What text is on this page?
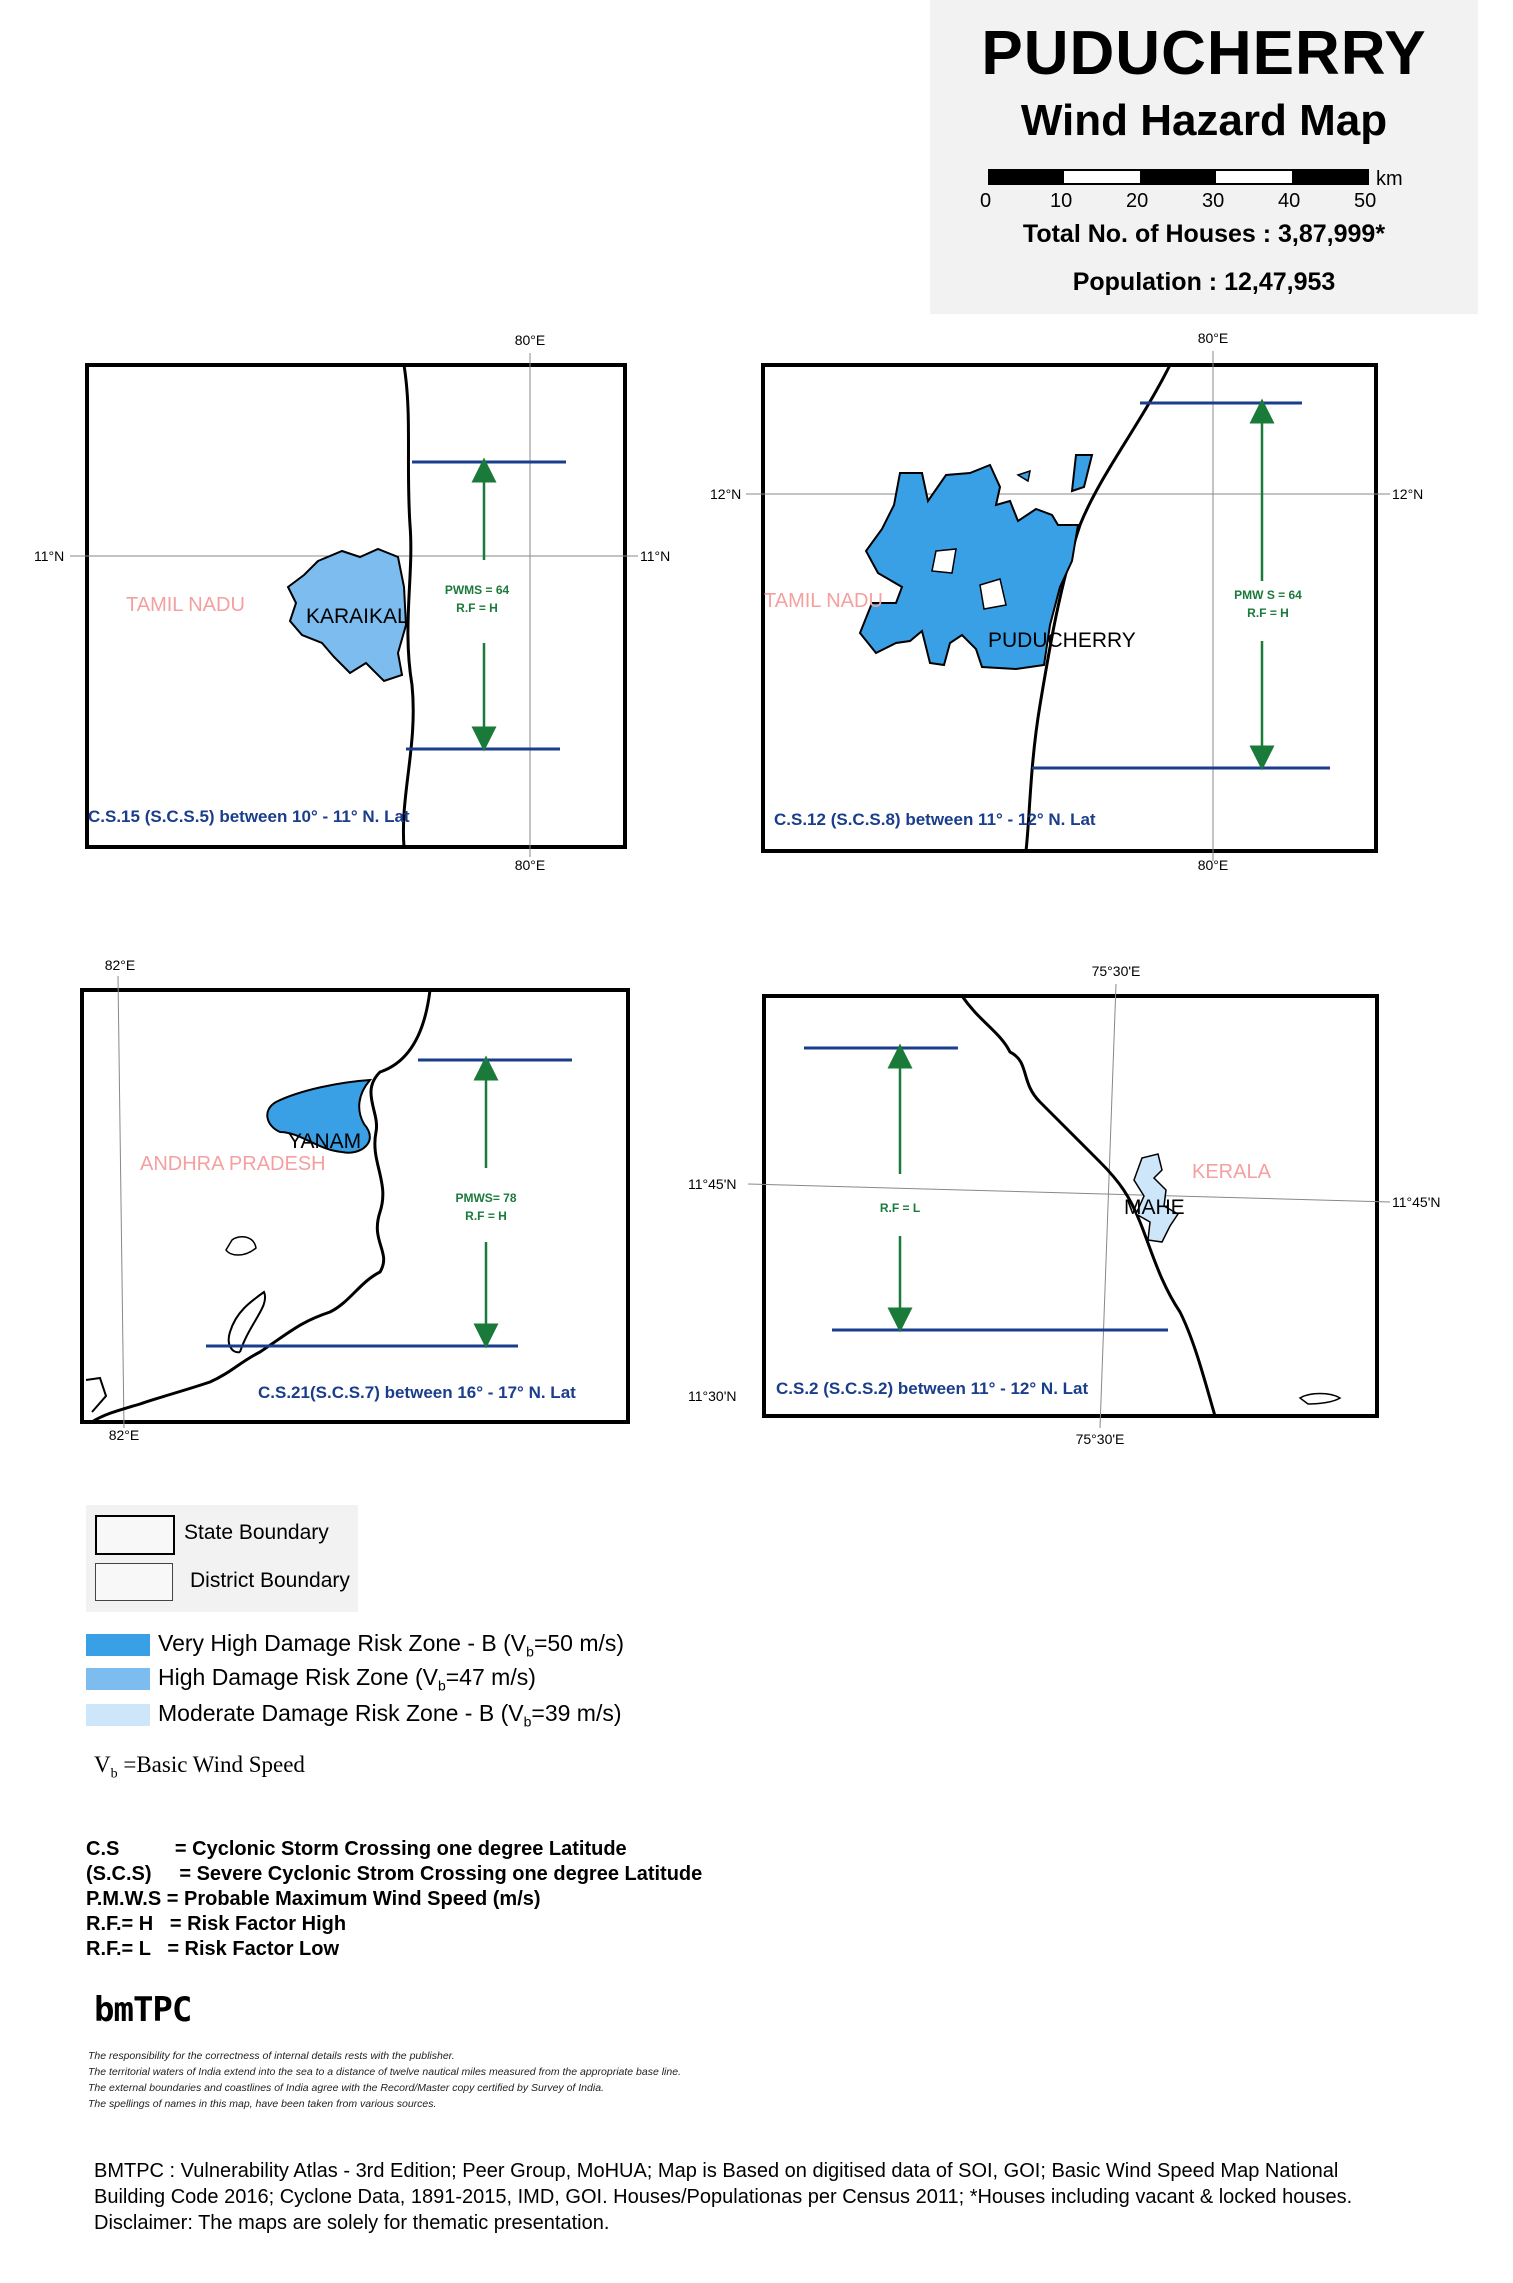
PUDUCHERRY
Wind Hazard Map
0	10	20	30	40	50
km
Total No. of Houses : 3,87,999*
Population : 12,47,953
80°E
80°E
11°N	11°N
PWMS = 64
R.F = H
TAMIL NADU	KARAIKAL
C.S.15 (S.C.S.5) between 10° - 11° N. Lat
80°E
80°E
12°N	12°N
PMW S = 64
R.F = H
TAMIL NADU
PUDUCHERRY
C.S.12 (S.C.S.8) between 11° - 12° N. Lat
82°E
82°E
PMWS= 78
R.F = H
ANDHRA PRADESH
YANAM
C.S.21(S.C.S.7) between 16° - 17° N. Lat
75°30'E
75°30'E
11°45'N
11°45'N
11°30'N
R.F = L
KERALA
MAHE
C.S.2 (S.C.S.2) between 11° - 12° N. Lat
State Boundary
District Boundary
Very High Damage Risk Zone - B ($V_b=50$ m/s)
High Damage Risk Zone ($V_b=47$ m/s)
Moderate Damage Risk Zone - B ($V_b=39$ m/s)
$V_b$ =Basic Wind Speed
C.S          = Cyclonic Storm Crossing one degree Latitude
(S.C.S)     = Severe Cyclonic Strom Crossing one degree Latitude
P.M.W.S = Probable Maximum Wind Speed (m/s)
R.F.= H   = Risk Factor High
R.F.= L   = Risk Factor Low
bmTPC
The responsibility for the correctness of internal details rests with the publisher.
The territorial waters of India extend into the sea to a distance of twelve nautical miles measured from the appropriate base line.
The external boundaries and coastlines of India agree with the Record/Master copy certified by Survey of India.
The spellings of names in this map, have been taken from various sources.
BMTPC : Vulnerability Atlas - 3rd Edition; Peer Group, MoHUA; Map is Based on digitised data of SOI, GOI; Basic Wind Speed Map National
Building Code 2016; Cyclone Data, 1891-2015, IMD, GOI. Houses/Populationas per Census 2011; *Houses including vacant & locked houses.
Disclaimer: The maps are solely for thematic presentation.
